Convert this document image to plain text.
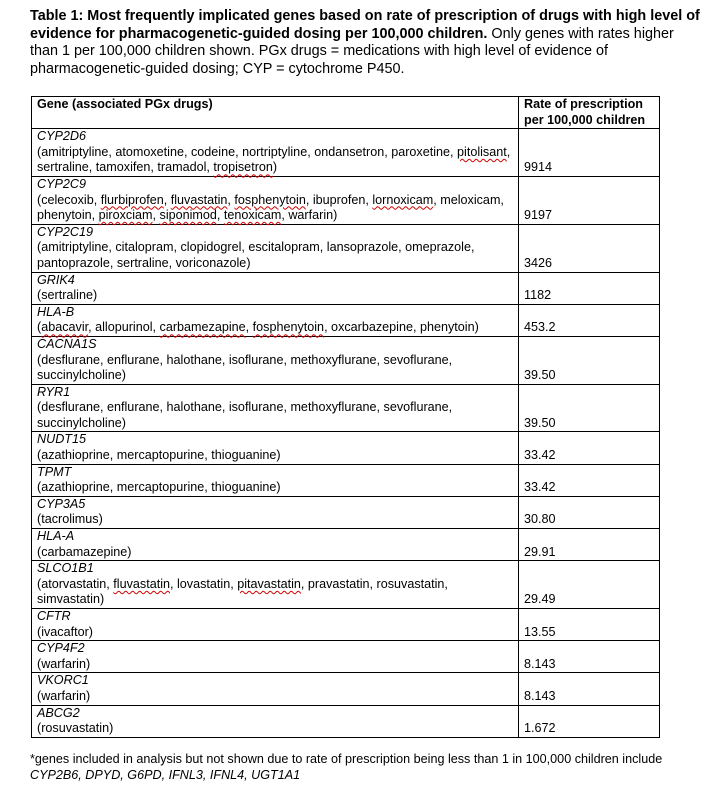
Table 1: Most frequently implicated genes based on rate of prescription of drugs with high level of evidence for pharmacogenetic-guided dosing per 100,000 children. Only genes with rates higher than 1 per 100,000 children shown. PGx drugs = medications with high level of evidence of pharmacogenetic-guided dosing; CYP = cytochrome P450.
Gene (associated PGx drugs)	Rate of prescription per 100,000 children

CYP2D6
(amitriptyline, atomoxetine, codeine, nortriptyline, ondansetron, paroxetine, pitolisant, sertraline, tamoxifen, tramadol, tropisetron)	9914

CYP2C9
(celecoxib, flurbiprofen, fluvastatin, fosphenytoin, ibuprofen, lornoxicam, meloxicam, phenytoin, piroxciam, siponimod, tenoxicam, warfarin)	9197

CYP2C19
(amitriptyline, citalopram, clopidogrel, escitalopram, lansoprazole, omeprazole, pantoprazole, sertraline, voriconazole)	3426

GRIK4
(sertraline)	1182

HLA-B
(abacavir, allopurinol, carbamezapine, fosphenytoin, oxcarbazepine, phenytoin)	453.2

CACNA1S
(desflurane, enflurane, halothane, isoflurane, methoxyflurane, sevoflurane, succinylcholine)	39.50

RYR1
(desflurane, enflurane, halothane, isoflurane, methoxyflurane, sevoflurane, succinylcholine)	39.50

NUDT15
(azathioprine, mercaptopurine, thioguanine)	33.42

TPMT
(azathioprine, mercaptopurine, thioguanine)	33.42

CYP3A5
(tacrolimus)	30.80

HLA-A
(carbamazepine)	29.91

SLCO1B1
(atorvastatin, fluvastatin, lovastatin, pitavastatin, pravastatin, rosuvastatin, simvastatin)	29.49

CFTR
(ivacaftor)	13.55

CYP4F2
(warfarin)	8.143

VKORC1
(warfarin)	8.143

ABCG2
(rosuvastatin)	1.672
*genes included in analysis but not shown due to rate of prescription being less than 1 in 100,000 children include
CYP2B6, DPYD, G6PD, IFNL3, IFNL4, UGT1A1
